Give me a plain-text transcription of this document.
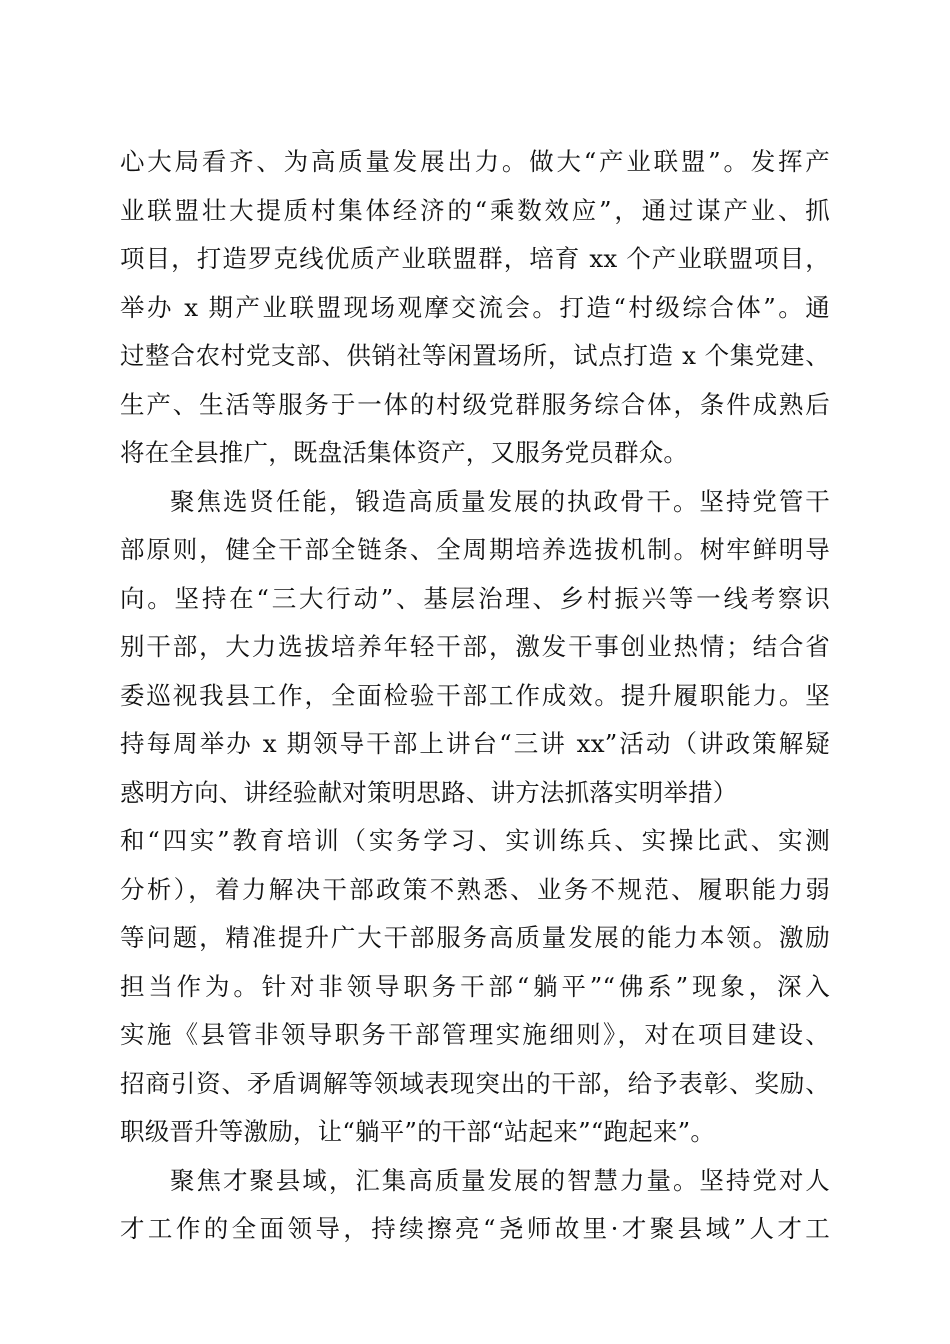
心大局看齐、为高质量发展出力。做大“产业联盟”。发挥产
业联盟壮大提质村集体经济的“乘数效应”，通过谋产业、抓
项目，打造罗克线优质产业联盟群，培育 xx 个产业联盟项目，
举办 x 期产业联盟现场观摩交流会。打造“村级综合体”。通
过整合农村党支部、供销社等闲置场所，试点打造 x 个集党建、
生产、生活等服务于一体的村级党群服务综合体，条件成熟后
将在全县推广，既盘活集体资产，又服务党员群众。
聚焦选贤任能，锻造高质量发展的执政骨干。坚持党管干
部原则，健全干部全链条、全周期培养选拔机制。树牢鲜明导
向。坚持在“三大行动”、基层治理、乡村振兴等一线考察识
别干部，大力选拔培养年轻干部，激发干事创业热情；结合省
委巡视我县工作，全面检验干部工作成效。提升履职能力。坚
持每周举办 x 期领导干部上讲台“三讲 xx”活动（讲政策解疑
惑明方向、讲经验献对策明思路、讲方法抓落实明举措）
和“四实”教育培训（实务学习、实训练兵、实操比武、实测
分析），着力解决干部政策不熟悉、业务不规范、履职能力弱
等问题，精准提升广大干部服务高质量发展的能力本领。激励
担当作为。针对非领导职务干部“躺平”“佛系”现象，深入
实施《县管非领导职务干部管理实施细则》，对在项目建设、
招商引资、矛盾调解等领域表现突出的干部，给予表彰、奖励、
职级晋升等激励，让“躺平”的干部“站起来”“跑起来”。
聚焦才聚县域，汇集高质量发展的智慧力量。坚持党对人
才工作的全面领导，持续擦亮“尧师故里·才聚县域”人才工
